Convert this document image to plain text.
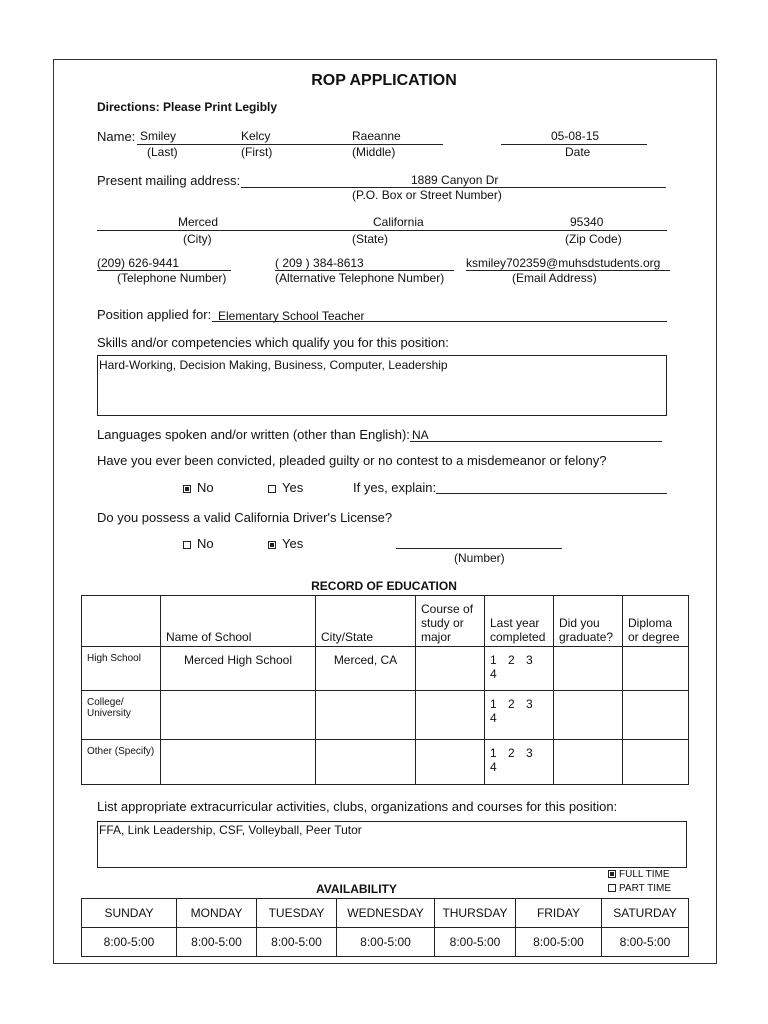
ROP APPLICATION
Directions: Please Print Legibly
Name: Smiley	Kelcy	Raeanne	05-08-15
(Last)	(First)	(Middle)	Date
Present mailing address:	1889 Canyon Dr
(P.O. Box or Street Number)
Merced	California	95340
(City)	(State)	(Zip Code)
(209) 626-9441	( 209 ) 384-8613	ksmiley702359@muhsdstudents.org
(Telephone Number)	(Alternative Telephone Number)	(Email Address)
Position applied for: Elementary School Teacher
Skills and/or competencies which qualify you for this position:
Hard-Working, Decision Making, Business, Computer, Leadership
Languages spoken and/or written (other than English): NA
Have you ever been convicted, pleaded guilty or no contest to a misdemeanor or felony?
No	Yes	If yes, explain:
Do you possess a valid California Driver's License?
No	Yes
(Number)
RECORD OF EDUCATION
	Name of School	City/State	Course of study or major	Last year completed	Did you graduate?	Diploma or degree
High School	Merced High School	Merced, CA		1 2 3 4		
College/ University				1 2 3 4		
Other (Specify)				1 2 3 4		
List appropriate extracurricular activities, clubs, organizations and courses for this position:
FFA, Link Leadership, CSF, Volleyball, Peer Tutor
AVAILABILITY
FULL TIME
PART TIME
SUNDAY	MONDAY	TUESDAY	WEDNESDAY	THURSDAY	FRIDAY	SATURDAY
8:00-5:00	8:00-5:00	8:00-5:00	8:00-5:00	8:00-5:00	8:00-5:00	8:00-5:00
